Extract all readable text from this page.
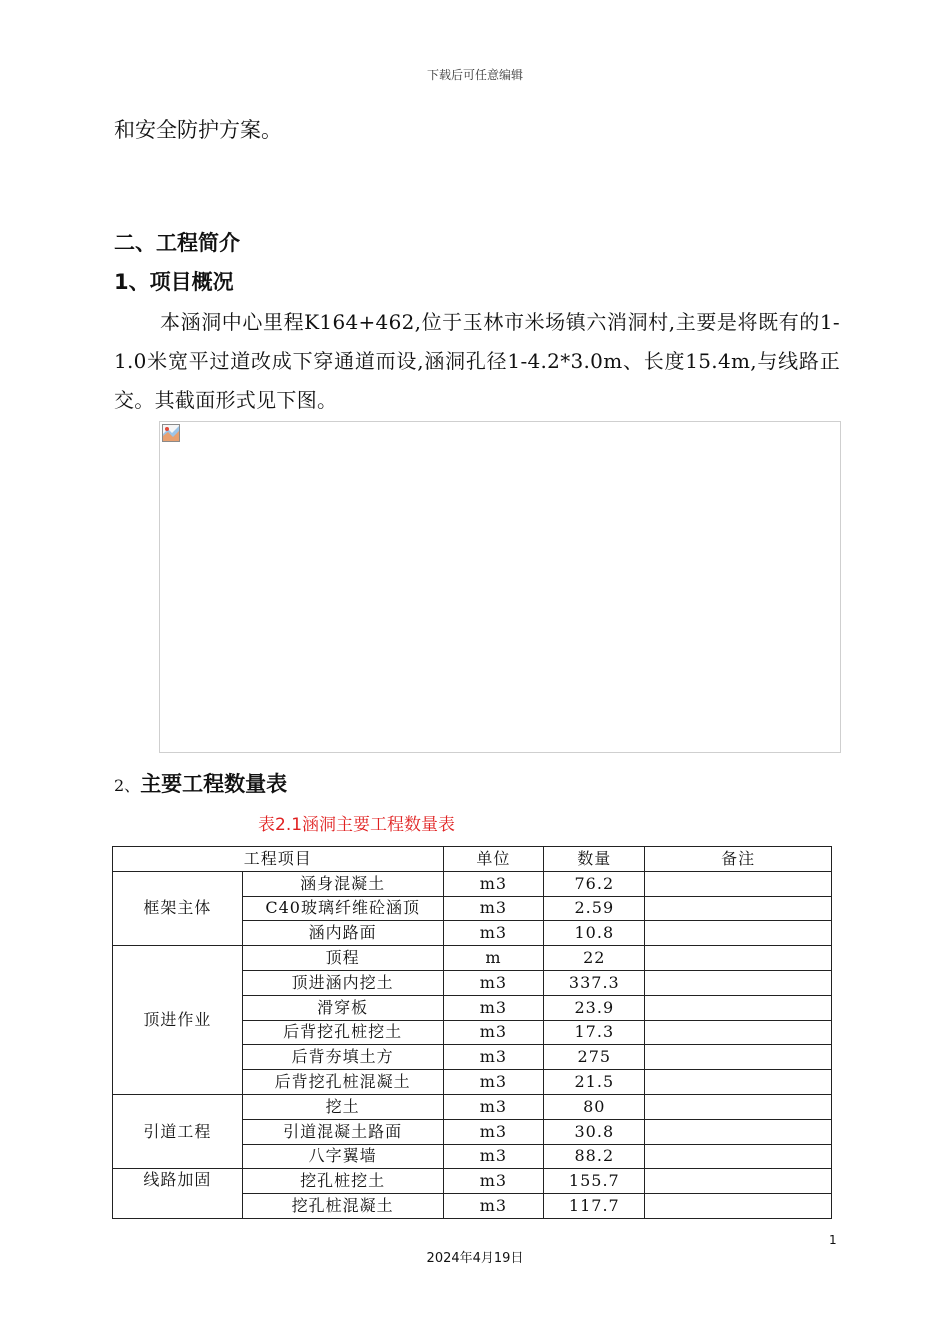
下载后可任意编辑
和安全防护方案。
二、工程简介
1、项目概况
本涵洞中心里程K164+462,位于玉林市米场镇六消洞村,主要是将既有的1-1.0米宽平过道改成下穿通道而设,涵洞孔径1-4.2*3.0m、长度15.4m,与线路正交。其截面形式见下图。
2、主要工程数量表
表2.1涵洞主要工程数量表
工程项目		单位	数量	备注
框架主体	涵身混凝土	m3	76.2	
	C40玻璃纤维砼涵顶	m3	2.59	
	涵内路面	m3	10.8	
顶进作业	顶程	m	22	
	顶进涵内挖土	m3	337.3	
	滑穿板	m3	23.9	
	后背挖孔桩挖土	m3	17.3	
	后背夯填土方	m3	275	
	后背挖孔桩混凝土	m3	21.5	
引道工程	挖土	m3	80	
	引道混凝土路面	m3	30.8	
	八字翼墙	m3	88.2	
线路加固	挖孔桩挖土	m3	155.7	
	挖孔桩混凝土	m3	117.7	
1
2024年4月19日
